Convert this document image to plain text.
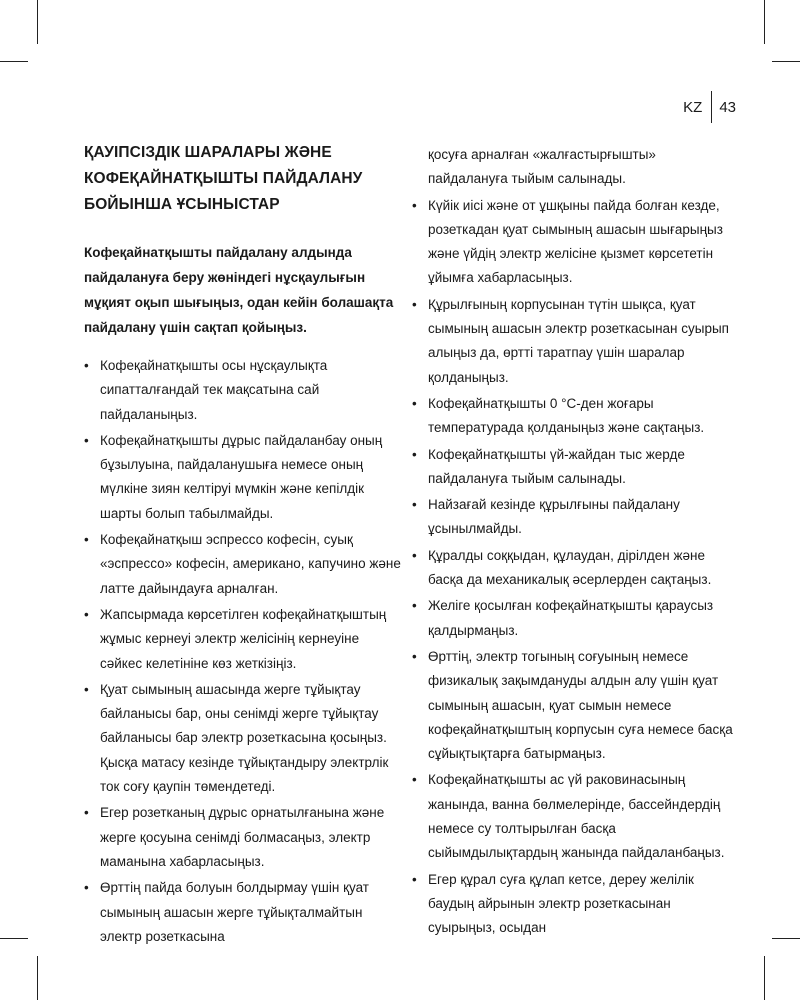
KZ 43
ҚАУІПСІЗДІК ШАРАЛАРЫ ЖӘНЕ КОФЕҚАЙНАТҚЫШТЫ ПАЙДАЛАНУ БОЙЫНША ҰСЫНЫСТАР

Кофеқайнатқышты пайдалану алдында пайдалануға беру жөніндегі нұсқаулығын мұқият оқып шығыңыз, одан кейін болашақта пайдалану үшін сақтап қойыңыз.

• Кофеқайнатқышты осы нұсқаулықта сипатталғандай тек мақсатына сай пайдаланыңыз.
• Кофеқайнатқышты дұрыс пайдаланбау оның бұзылуына, пайдаланушыға немесе оның мүлкіне зиян келтіруі мүмкін және кепілдік шарты болып табылмайды.
• Кофеқайнатқыш эспрессо кофесін, суық «эспрессо» кофесін, американо, капучино және латте дайындауға арналған.
• Жапсырмада көрсетілген кофеқайнатқыштың жұмыс кернеуі электр желісінің кернеуіне сәйкес келетініне көз жеткізіңіз.
• Қуат сымының ашасында жерге тұйықтау байланысы бар, оны сенімді жерге тұйықтау байланысы бар электр розеткасына қосыңыз. Қысқа матасу кезінде тұйықтандыру электрлік ток соғу қаупін төмендетеді.
• Егер розетканың дұрыс орнатылғанына және жерге қосуына сенімді болмасаңыз, электр маманына хабарласыңыз.
• Өрттің пайда болуын болдырмау үшін қуат сымының ашасын жерге тұйықталмайтын электр розеткасына
қосуға арналған «жалғастырғышты» пайдалануға тыйым салынады.
• Күйік иісі және от ұшқыны пайда болған кезде, розеткадан қуат сымының ашасын шығарыңыз және үйдің электр желісіне қызмет көрсететін ұйымға хабарласыңыз.
• Құрылғының корпусынан түтін шықса, қуат сымының ашасын электр розеткасынан суырып алыңыз да, өртті таратпау үшін шаралар қолданыңыз.
• Кофеқайнатқышты 0 °С-ден жоғары температурада қолданыңыз және сақтаңыз.
• Кофеқайнатқышты үй-жайдан тыс жерде пайдалануға тыйым салынады.
• Найзағай кезінде құрылғыны пайдалану ұсынылмайды.
• Құралды соққыдан, құлаудан, дірілден және басқа да механикалық әсерлерден сақтаңыз.
• Желіге қосылған кофеқайнатқышты қараусыз қалдырмаңыз.
• Өрттің, электр тогының соғуының немесе физикалық зақымдануды алдын алу үшін қуат сымының ашасын, қуат сымын немесе кофеқайнатқыштың корпусын суға немесе басқа сұйықтықтарға батырмаңыз.
• Кофеқайнатқышты ас үй раковинасының жанында, ванна бөлмелерінде, бассейндердің немесе су толтырылған басқа сыйымдылықтардың жанында пайдаланбаңыз.
• Егер құрал суға құлап кетсе, дереу желілік баудың айрынын электр розеткасынан суырыңыз, осыдан
